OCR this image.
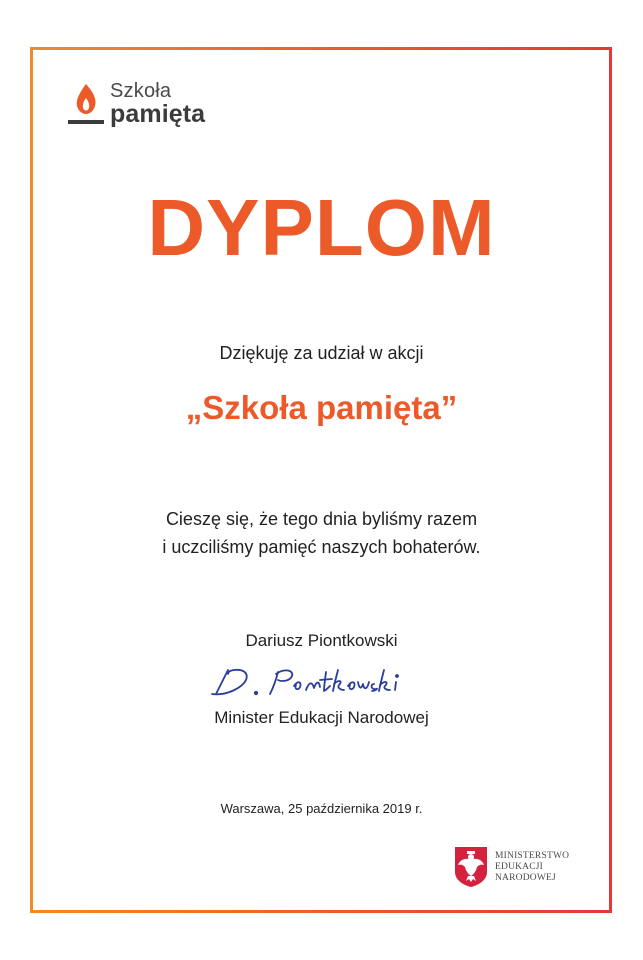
Szkoła
pamięta
DYPLOM
Dziękuję za udział w akcji
„Szkoła pamięta”
Cieszę się, że tego dnia byliśmy razem
i uczciliśmy pamięć naszych bohaterów.
Dariusz Piontkowski
Minister Edukacji Narodowej
Warszawa, 25 października 2019 r.
MINISTERSTWO
EDUKACJI
NARODOWEJ
